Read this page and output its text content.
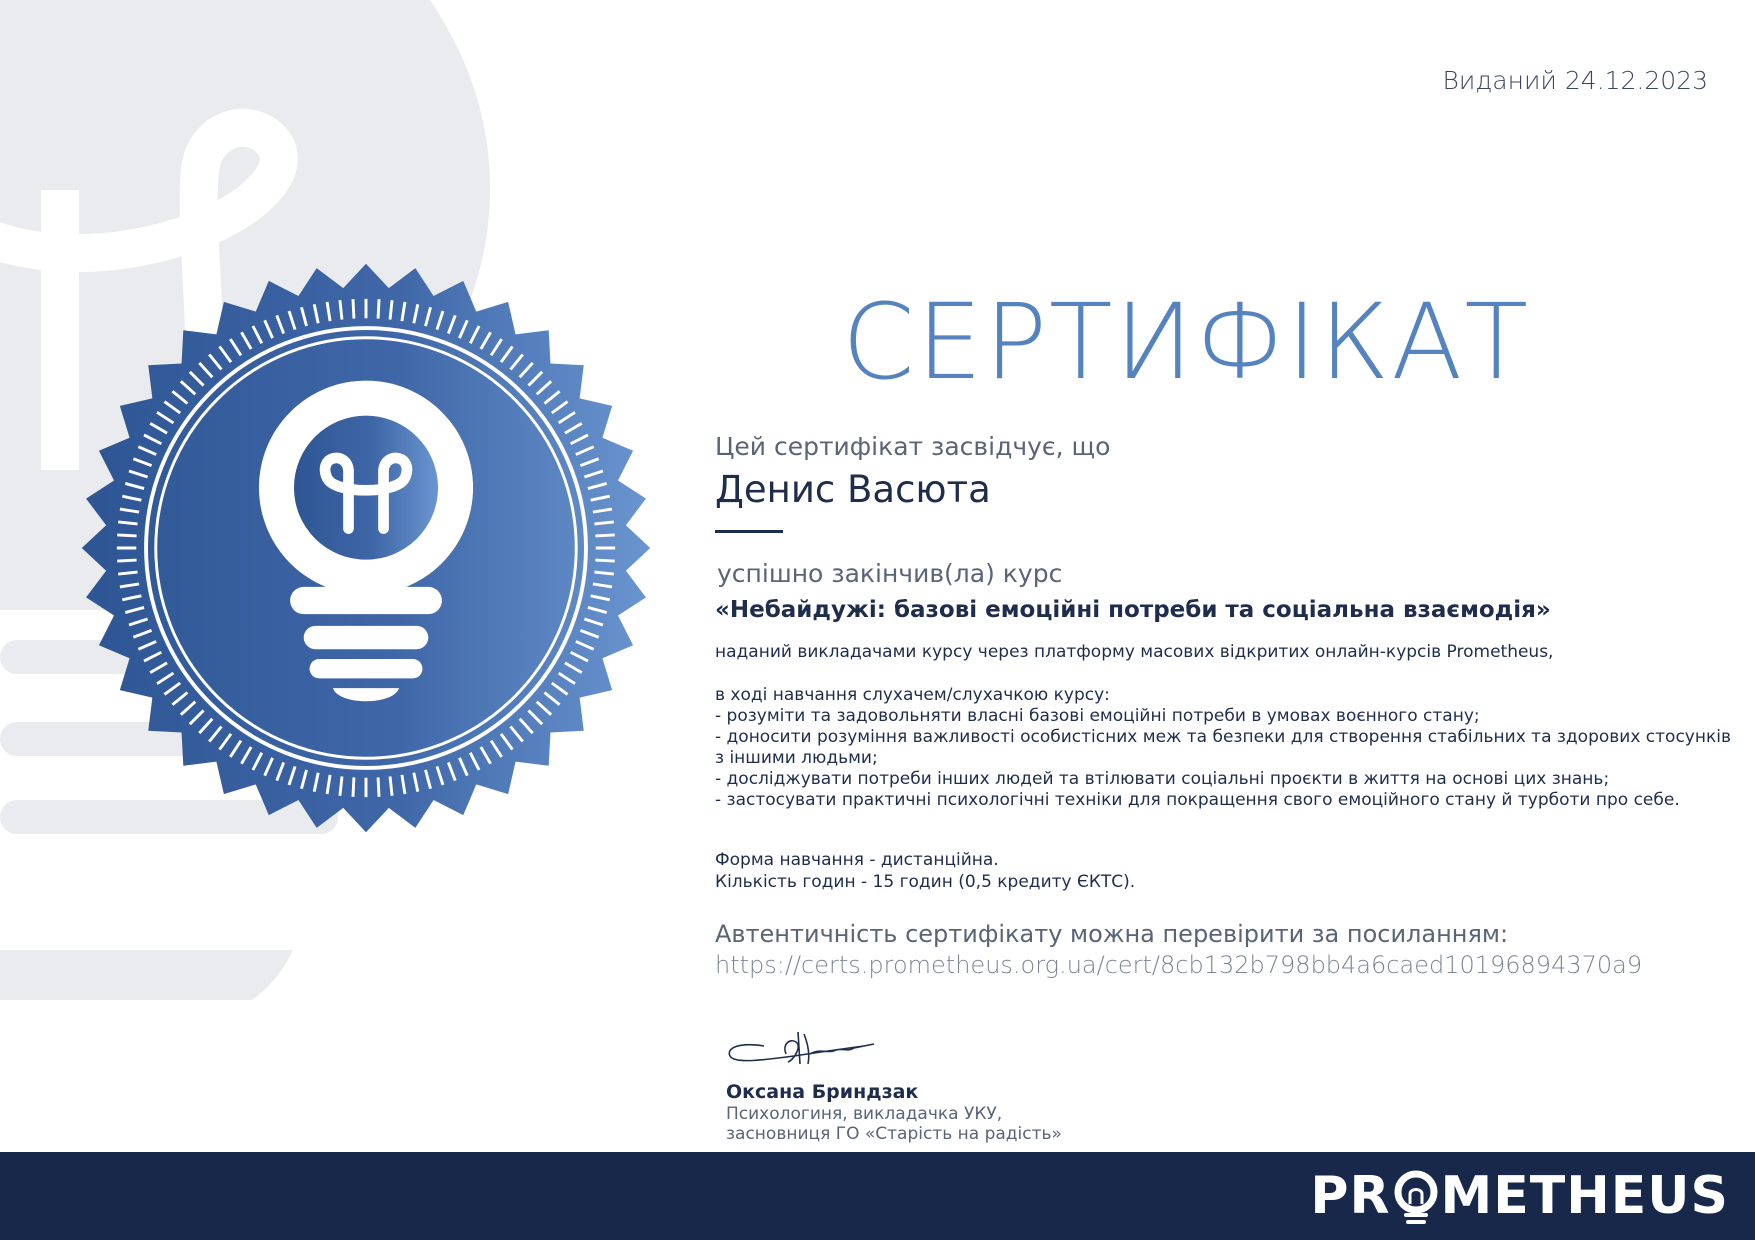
Виданий 24.12.2023
СЕРТИФІКАТ

Цей сертифікат засвідчує, що

Денис Васюта

успішно закінчив(ла) курс

«Небайдужі: базові емоційні потреби та соціальна взаємодія»

наданий викладачами курсу через платформу масових відкритих онлайн-курсів Prometheus,

в ході навчання слухачем/слухачкою курсу:

- розуміти та задовольняти власні базові емоційні потреби в умовах воєнного стану;

- доносити розуміння важливості особистісних меж та безпеки для створення стабільних та здорових стосунків з іншими людьми;

- досліджувати потреби інших людей та втілювати соціальні проєкти в життя на основі цих знань;

- застосувати практичні психологічні техніки для покращення свого емоційного стану й турботи про себе.

Форма навчання - дистанційна.

Кількість годин - 15 годин (0,5 кредиту ЄКТС).

Автентичність сертифікату можна перевірити за посиланням:

https://certs.prometheus.org.ua/cert/8cb132b798bb4a6caed10196894370a9

Оксана Бриндзак

Психологиня, викладачка УКУ,

засновниця ГО «Старість на радість»

PR METHEUS
